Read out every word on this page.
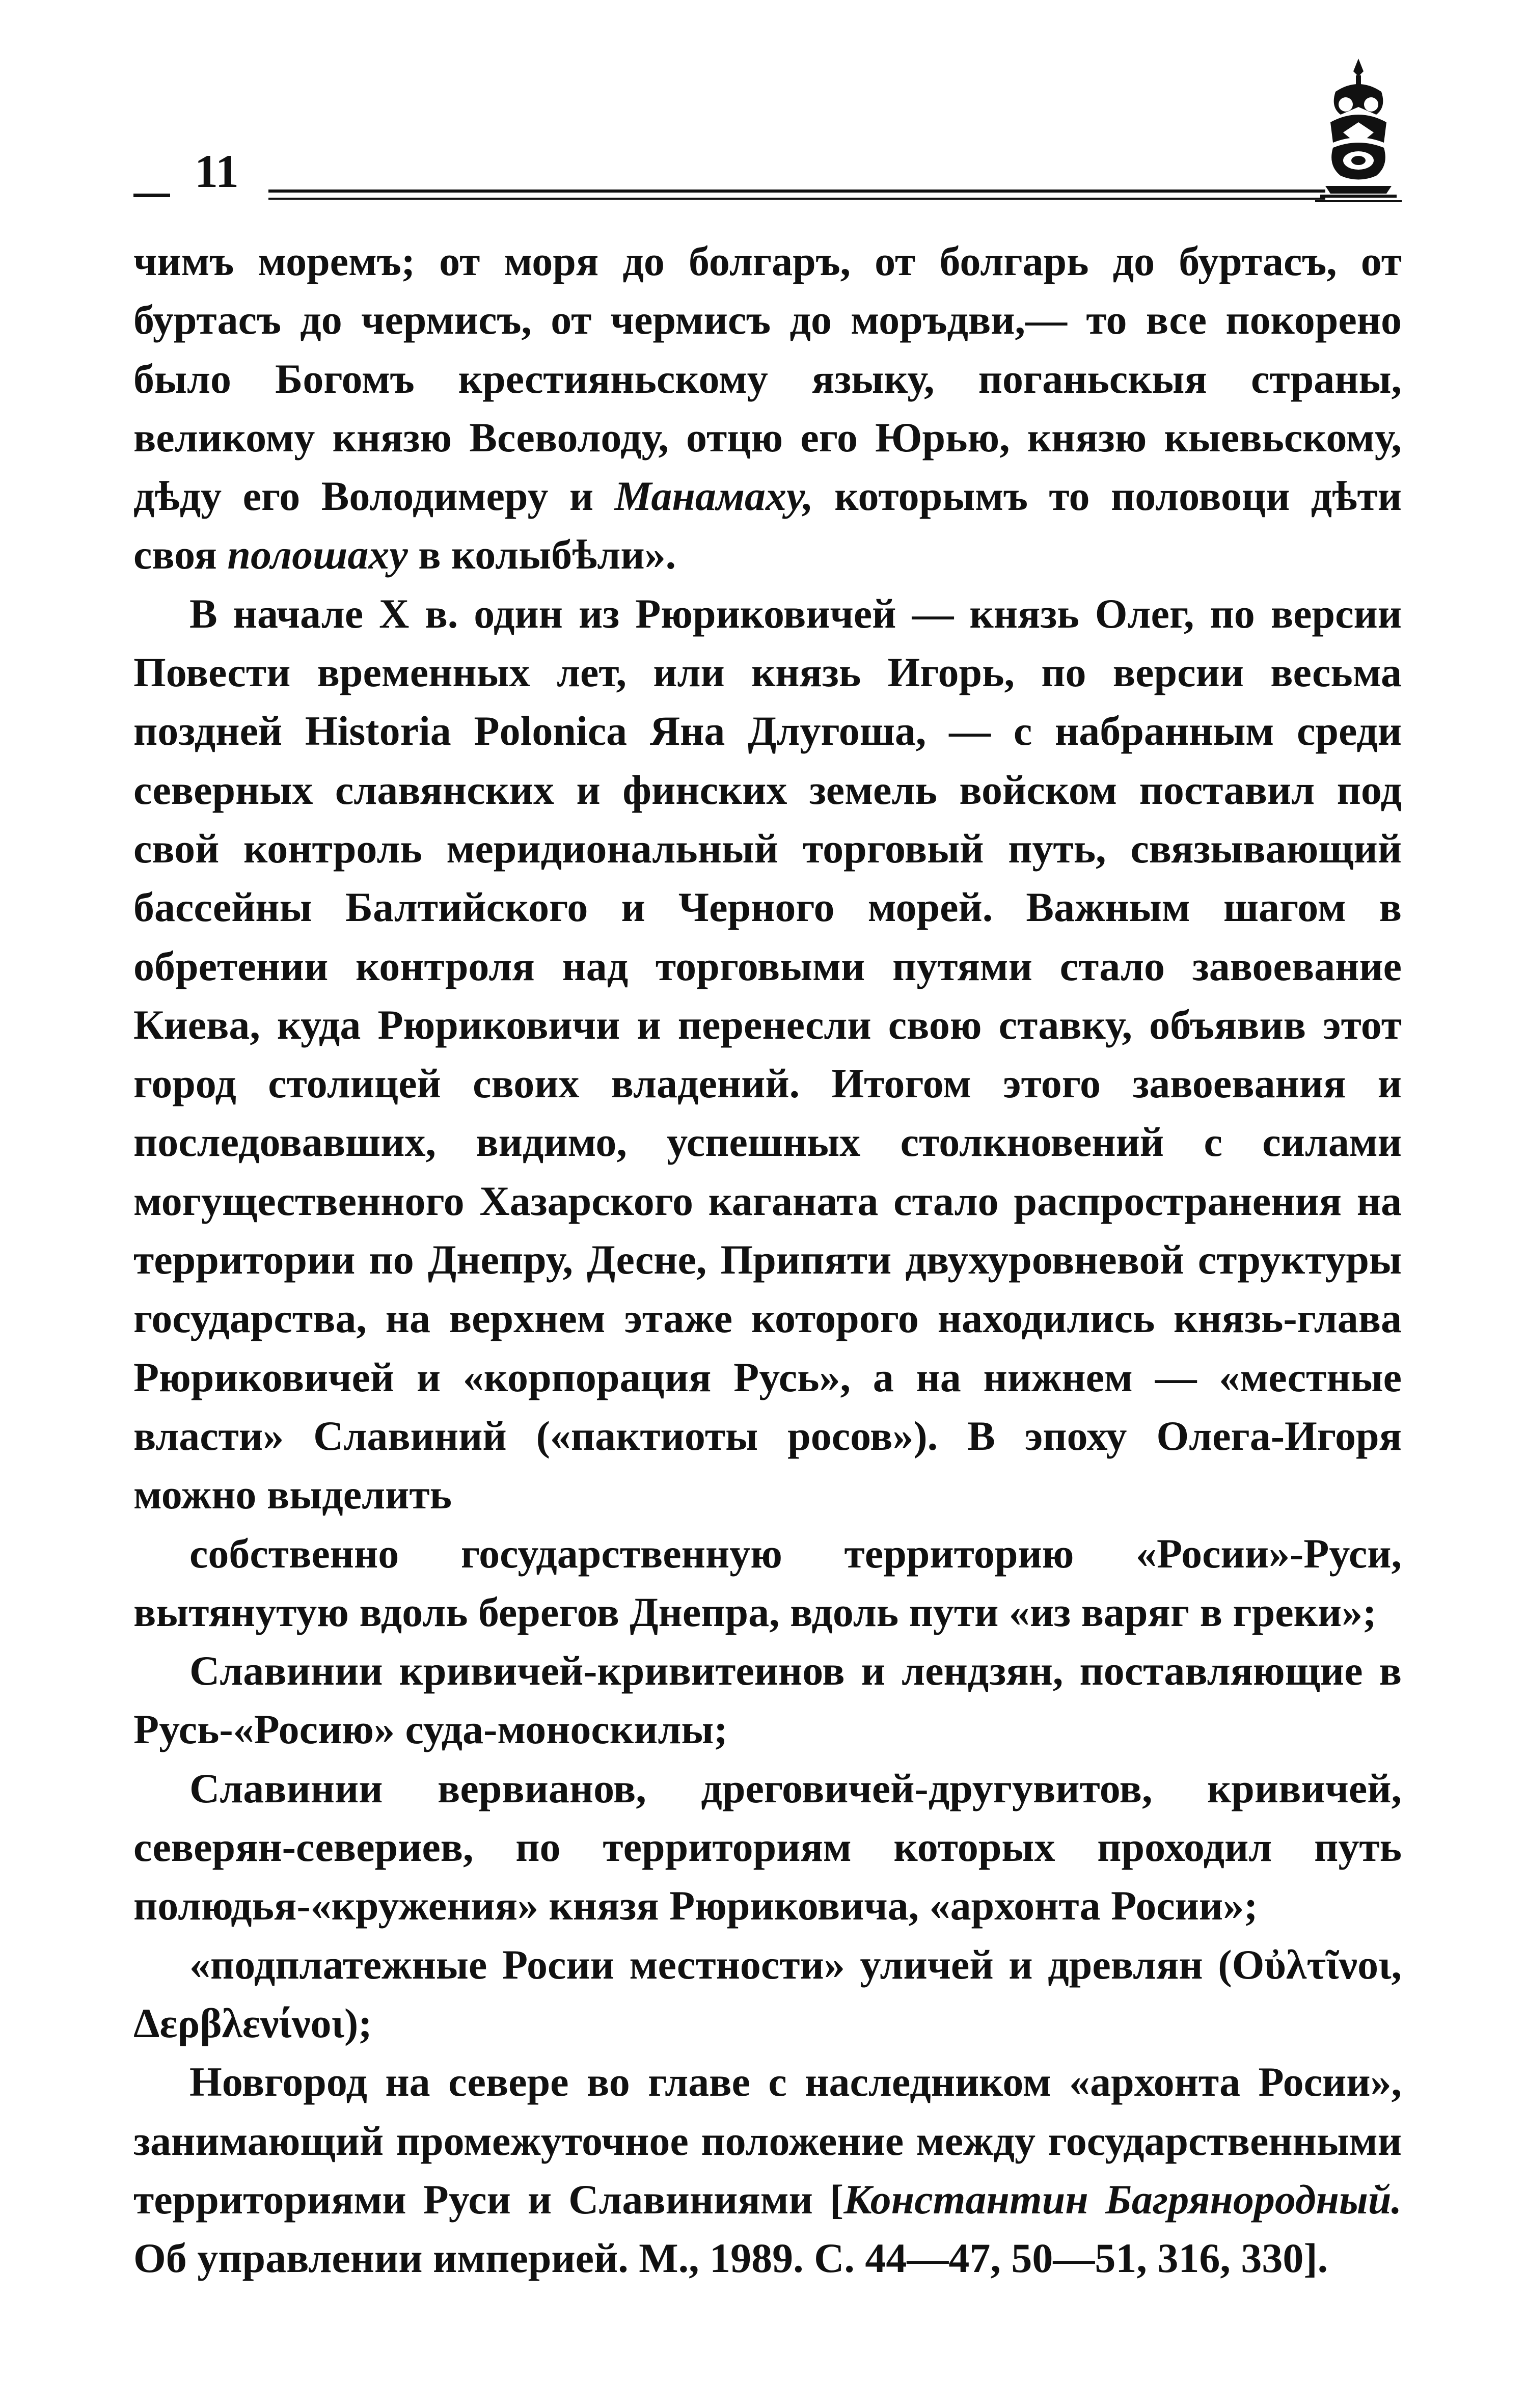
11

чимъ моремъ; от моря до болгаръ, от болгарь до буртасъ, от буртасъ до чермисъ, от чермисъ до моръдви,— то все покорено было Богомъ крестияньскому языку, поганьскыя страны, великому князю Всеволоду, отцю его Юрью, князю кыевьскому, дѣду его Володимеру и Манамаху, которымъ то половоци дѣти своя полошаху в колыбѣли».

В начале X в. один из Рюриковичей — князь Олег, по версии Повести временных лет, или князь Игорь, по версии весьма поздней Historia Polonica Яна Длугоша, — с набранным среди северных славянских и финских земель войском поставил под свой контроль меридиональный торговый путь, связывающий бассейны Балтийского и Черного морей. Важным шагом в обретении контроля над торговыми путями стало завоевание Киева, куда Рюриковичи и перенесли свою ставку, объявив этот город столицей своих владений. Итогом этого завоевания и последовавших, видимо, успешных столкновений с силами могущественного Хазарского каганата стало распространения на территории по Днепру, Десне, Припяти двухуровневой структуры государства, на верхнем этаже которого находились князь-глава Рюриковичей и «корпорация Русь», а на нижнем — «местные власти» Славиний («пактиоты росов»). В эпоху Олега-Игоря можно выделить

собственно государственную территорию «Росии»-Руси, вытянутую вдоль берегов Днепра, вдоль пути «из варяг в греки»;

Славинии кривичей-кривитеинов и лендзян, поставляющие в Русь-«Росию» суда-моноскилы;

Славинии вервианов, дреговичей-другувитов, кривичей, северян-севериев, по территориям которых проходил путь полюдья-«кружения» князя Рюриковича, «архонта Росии»;

«подплатежные Росии местности» уличей и древлян (Οὐλτῖνοι, Δερβλενίνοι);

Новгород на севере во главе с наследником «архонта Росии», занимающий промежуточное положение между государственными территориями Руси и Славиниями [Константин Багрянородный. Об управлении империей. М., 1989. С. 44—47, 50—51, 316, 330].
